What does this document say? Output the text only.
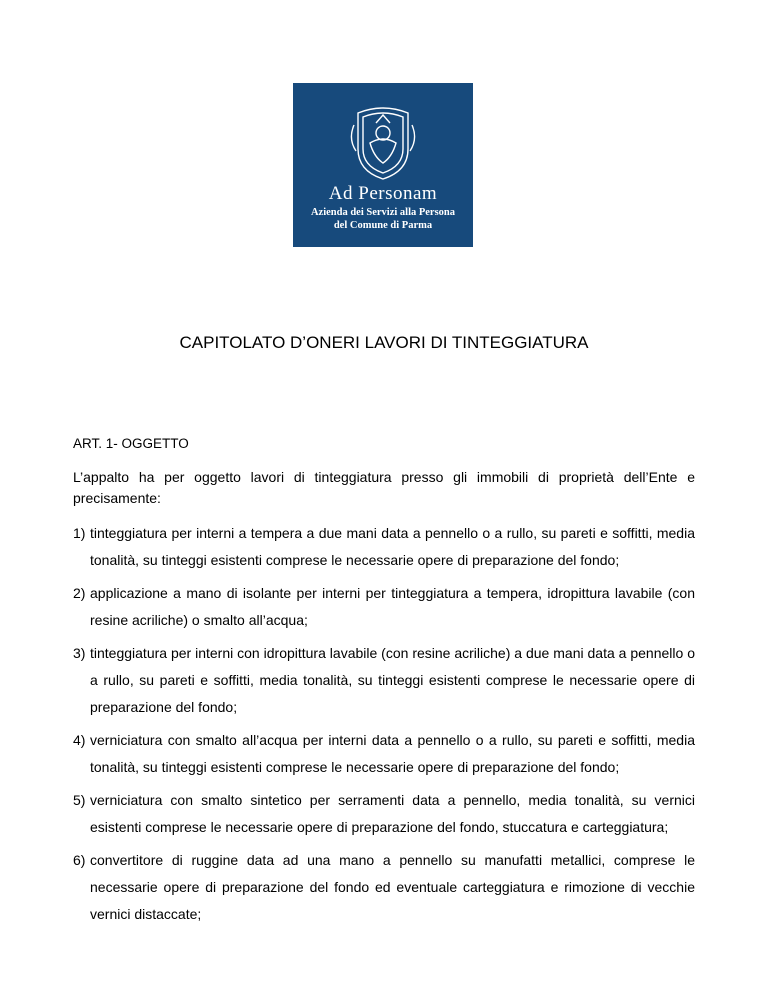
Ad Personam
Azienda dei Servizi alla Persona
del Comune di Parma
CAPITOLATO D’ONERI LAVORI DI TINTEGGIATURA
ART. 1- OGGETTO
L’appalto ha per oggetto lavori di tinteggiatura presso gli immobili di proprietà dell’Ente e precisamente:
1) tinteggiatura per interni a tempera a due mani data a pennello o a rullo, su pareti e soffitti, media tonalità, su tinteggi esistenti comprese le necessarie opere di preparazione del fondo;
2) applicazione a mano di isolante per interni per tinteggiatura a tempera, idropittura lavabile (con resine acriliche) o smalto all’acqua;
3) tinteggiatura per interni con idropittura lavabile (con resine acriliche) a due mani data a pennello o a rullo, su pareti e soffitti, media tonalità, su tinteggi esistenti comprese le necessarie opere di preparazione del fondo;
4) verniciatura con smalto all’acqua per interni data a pennello o a rullo, su pareti e soffitti, media tonalità, su tinteggi esistenti comprese le necessarie opere di preparazione del fondo;
5) verniciatura con smalto sintetico per serramenti data a pennello, media tonalità, su vernici esistenti comprese le necessarie opere di preparazione del fondo, stuccatura e carteggiatura;
6) convertitore di ruggine data ad una mano a pennello su manufatti metallici, comprese le necessarie opere di preparazione del fondo ed eventuale carteggiatura e rimozione di vecchie vernici distaccate;
